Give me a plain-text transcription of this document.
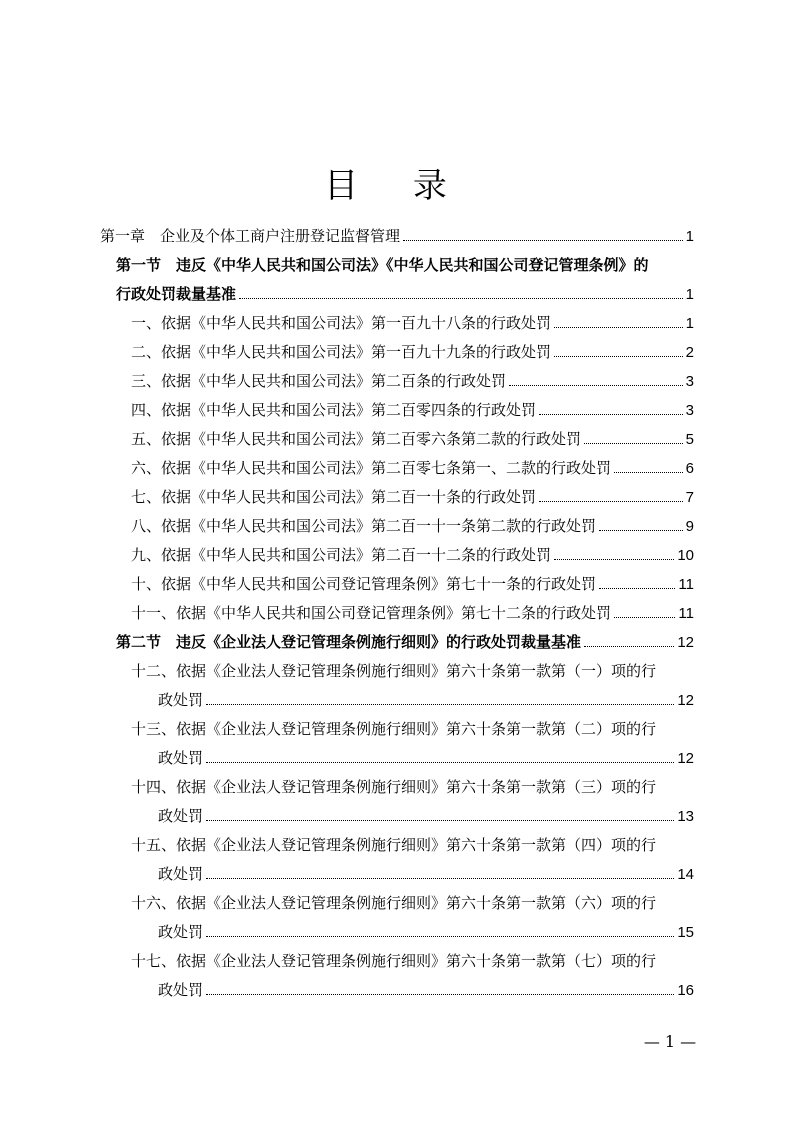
目 录
第一章　企业及个体工商户注册登记监督管理	1
第一节　违反《中华人民共和国公司法》《中华人民共和国公司登记管理条例》的
行政处罚裁量基准	1
一、依据《中华人民共和国公司法》第一百九十八条的行政处罚	1
二、依据《中华人民共和国公司法》第一百九十九条的行政处罚	2
三、依据《中华人民共和国公司法》第二百条的行政处罚	3
四、依据《中华人民共和国公司法》第二百零四条的行政处罚	3
五、依据《中华人民共和国公司法》第二百零六条第二款的行政处罚	5
六、依据《中华人民共和国公司法》第二百零七条第一、二款的行政处罚	6
七、依据《中华人民共和国公司法》第二百一十条的行政处罚	7
八、依据《中华人民共和国公司法》第二百一十一条第二款的行政处罚	9
九、依据《中华人民共和国公司法》第二百一十二条的行政处罚	10
十、依据《中华人民共和国公司登记管理条例》第七十一条的行政处罚	11
十一、依据《中华人民共和国公司登记管理条例》第七十二条的行政处罚	11
第二节　违反《企业法人登记管理条例施行细则》的行政处罚裁量基准	12
十二、依据《企业法人登记管理条例施行细则》第六十条第一款第（一）项的行
政处罚	12
十三、依据《企业法人登记管理条例施行细则》第六十条第一款第（二）项的行
政处罚	12
十四、依据《企业法人登记管理条例施行细则》第六十条第一款第（三）项的行
政处罚	13
十五、依据《企业法人登记管理条例施行细则》第六十条第一款第（四）项的行
政处罚	14
十六、依据《企业法人登记管理条例施行细则》第六十条第一款第（六）项的行
政处罚	15
十七、依据《企业法人登记管理条例施行细则》第六十条第一款第（七）项的行
政处罚	16
— 1 —
